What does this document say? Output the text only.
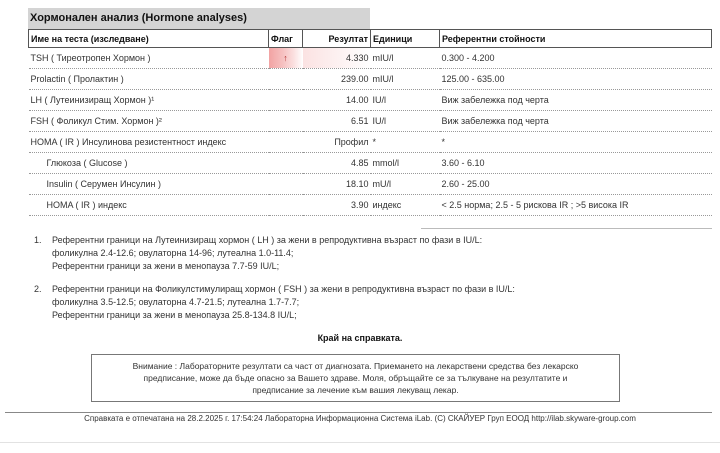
Хормонален анализ (Hormone analyses)
Име на теста (изследване)	Флаг	Резултат	Единици	Референтни стойности
TSH ( Тиреотропен Хормон )	↑	4.330	mIU/l	0.300 - 4.200
Prolactin ( Пролактин )		239.00	mIU/l	125.00 - 635.00
LH ( Лутеинизиращ Хормон )¹		14.00	IU/l	Виж забележка под черта
FSH ( Фоликул Стим. Хормон )²		6.51	IU/l	Виж забележка под черта
HOMA ( IR ) Инсулинова резистентност индекс		Профил	*	*
Глюкоза ( Glucose )		4.85	mmol/l	3.60 - 6.10
Insulin ( Серумен Инсулин )		18.10	mU/l	2.60 - 25.00
HOMA ( IR ) индекс		3.90	индекс	< 2.5 норма; 2.5 - 5 рискова IR ; >5 висока IR
1. Референтни граници на Лутеинизиращ хормон ( LH ) за жени в репродуктивна възраст по фази в IU/L:
фоликулна 2.4-12.6; овулаторна 14-96; лутеална 1.0-11.4;
Референтни граници за жени в менопауза 7.7-59 IU/L;
2. Референтни граници на Фоликулстимулиращ хормон ( FSH ) за жени в репродуктивна възраст по фази в IU/L:
фоликулна 3.5-12.5; овулаторна 4.7-21.5; лутеална 1.7-7.7;
Референтни граници за жени в менопауза 25.8-134.8 IU/L;
Край на справката.
Внимание : Лабораторните резултати са част от диагнозата. Приемането на лекарствени средства без лекарско
предписание, може да бъде опасно за Вашето здраве. Моля, обръщайте се за тълкуване на резултатите и
предписание за лечение към вашия лекуващ лекар.
Справката е отпечатана на 28.2.2025 г. 17:54:24 Лабораторна Информационна Система iLab. (C) СКАЙУЕР Груп ЕООД http://ilab.skyware-group.com
